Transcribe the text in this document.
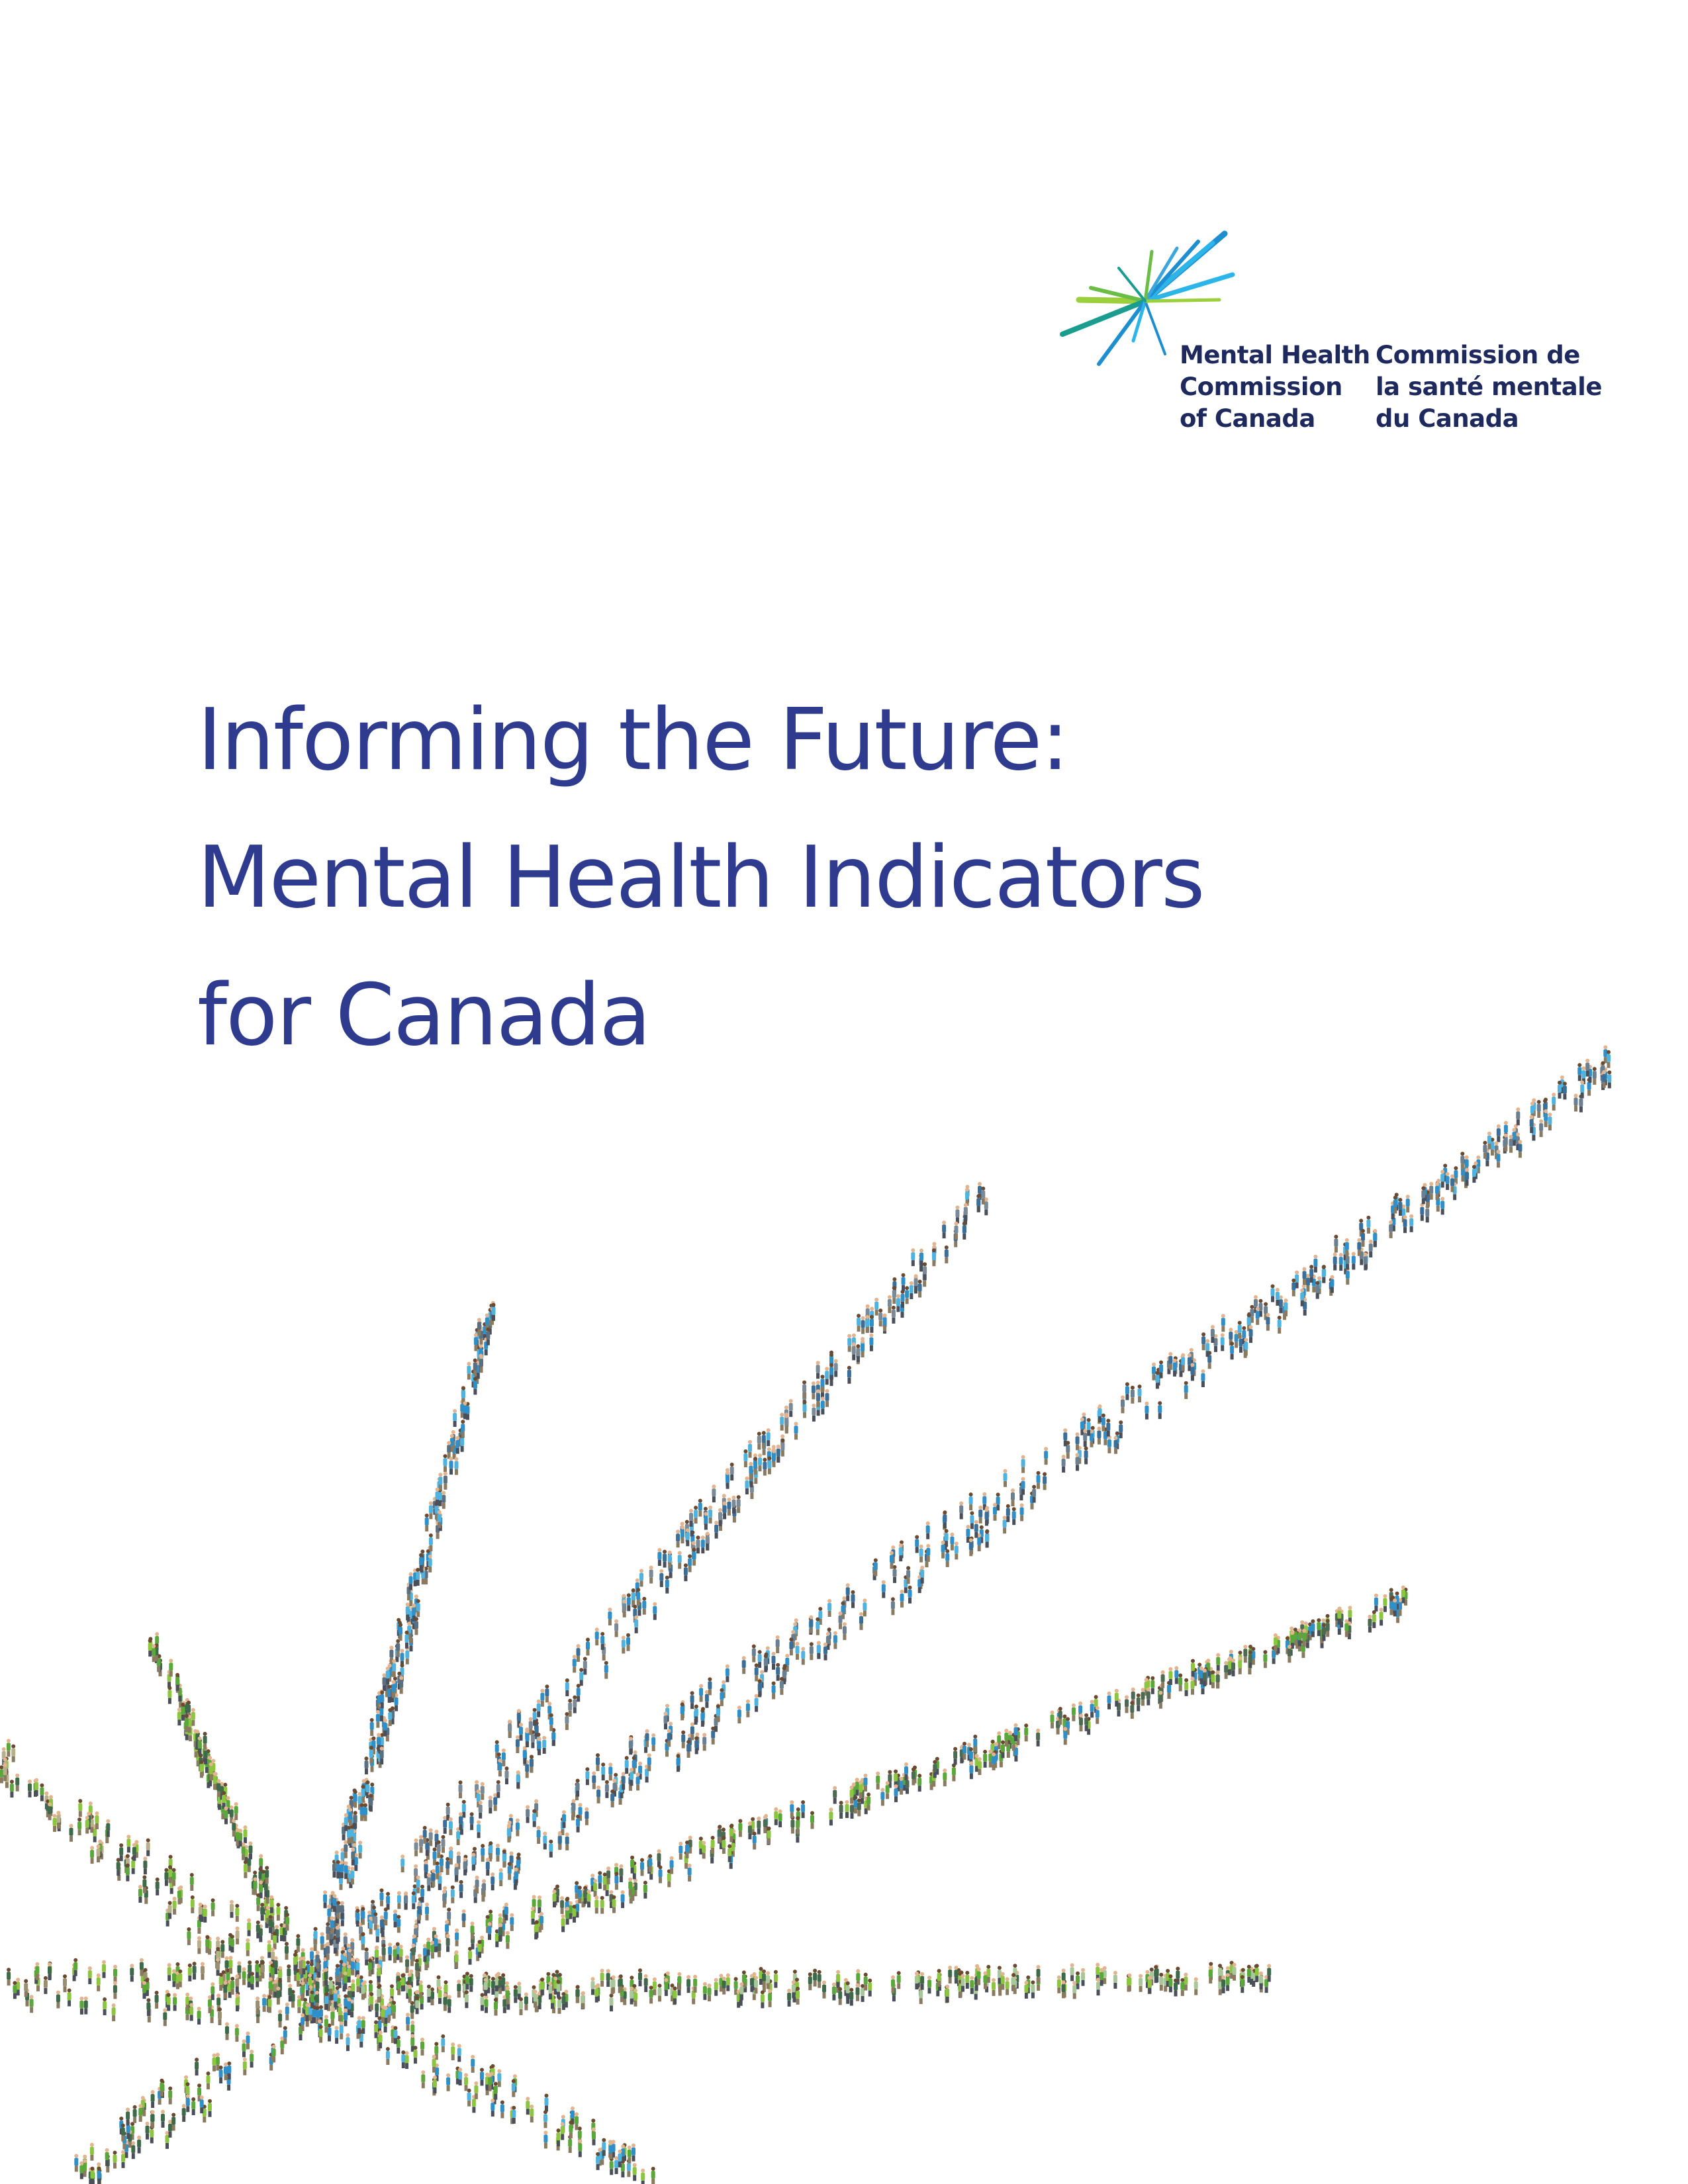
Mental Health
Commission
of Canada

Commission de
la santé mentale
du Canada

Informing the Future:
Mental Health Indicators
for Canada
